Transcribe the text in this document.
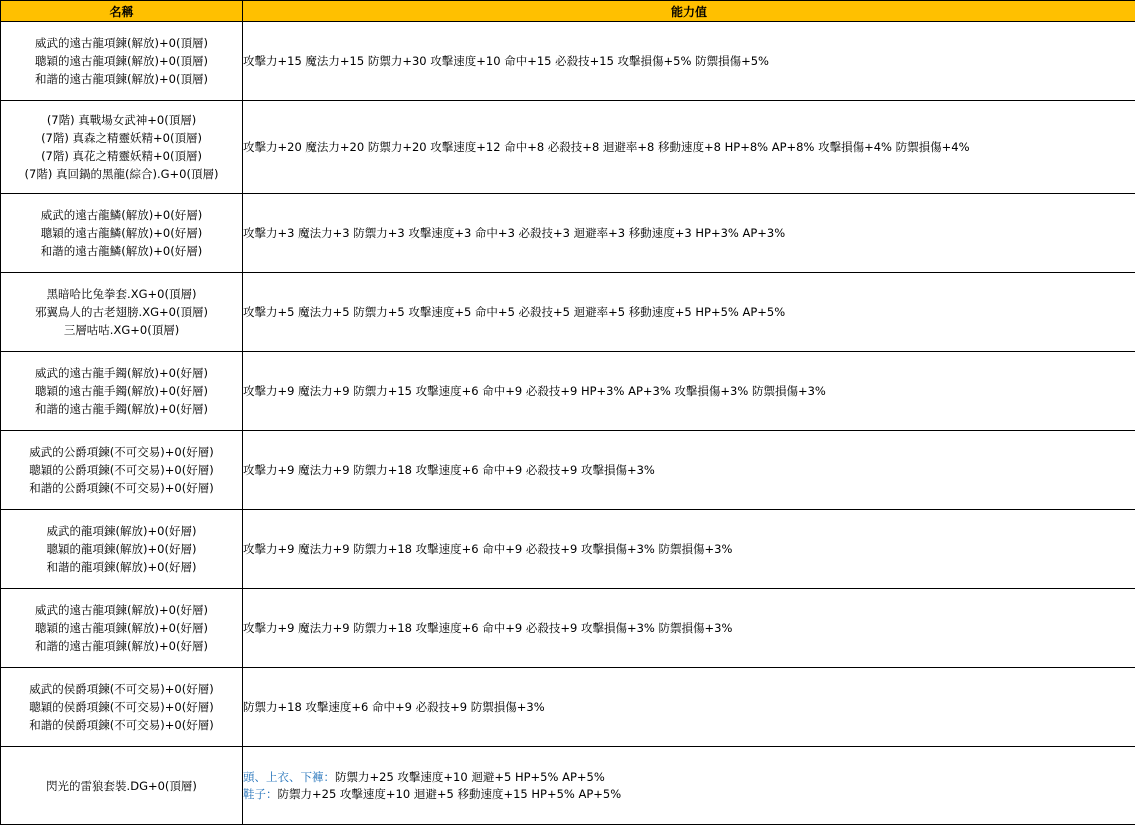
名稱	能力值

威武的遠古龍項鍊(解放)+0(頂層)
聰穎的遠古龍項鍊(解放)+0(頂層)
和諧的遠古龍項鍊(解放)+0(頂層)	攻擊力+15 魔法力+15 防禦力+30 攻擊速度+10 命中+15 必殺技+15 攻擊損傷+5% 防禦損傷+5%

(7階) 真戰場女武神+0(頂層)
(7階) 真森之精靈妖精+0(頂層)
(7階) 真花之精靈妖精+0(頂層)
(7階) 真回鍋的黑龍(綜合).G+0(頂層)	攻擊力+20 魔法力+20 防禦力+20 攻擊速度+12 命中+8 必殺技+8 迴避率+8 移動速度+8 HP+8% AP+8% 攻擊損傷+4% 防禦損傷+4%

威武的遠古龍鱗(解放)+0(好層)
聰穎的遠古龍鱗(解放)+0(好層)
和諧的遠古龍鱗(解放)+0(好層)	攻擊力+3 魔法力+3 防禦力+3 攻擊速度+3 命中+3 必殺技+3 迴避率+3 移動速度+3 HP+3% AP+3%

黑暗哈比兔拳套.XG+0(頂層)
邪翼鳥人的古老翅膀.XG+0(頂層)
三層咕咕.XG+0(頂層)	攻擊力+5 魔法力+5 防禦力+5 攻擊速度+5 命中+5 必殺技+5 迴避率+5 移動速度+5 HP+5% AP+5%

威武的遠古龍手鐲(解放)+0(好層)
聰穎的遠古龍手鐲(解放)+0(好層)
和諧的遠古龍手鐲(解放)+0(好層)	攻擊力+9 魔法力+9 防禦力+15 攻擊速度+6 命中+9 必殺技+9 HP+3% AP+3% 攻擊損傷+3% 防禦損傷+3%

威武的公爵項鍊(不可交易)+0(好層)
聰穎的公爵項鍊(不可交易)+0(好層)
和諧的公爵項鍊(不可交易)+0(好層)	攻擊力+9 魔法力+9 防禦力+18 攻擊速度+6 命中+9 必殺技+9 攻擊損傷+3%

威武的龍項鍊(解放)+0(好層)
聰穎的龍項鍊(解放)+0(好層)
和諧的龍項鍊(解放)+0(好層)	攻擊力+9 魔法力+9 防禦力+18 攻擊速度+6 命中+9 必殺技+9 攻擊損傷+3% 防禦損傷+3%

威武的遠古龍項鍊(解放)+0(好層)
聰穎的遠古龍項鍊(解放)+0(好層)
和諧的遠古龍項鍊(解放)+0(好層)	攻擊力+9 魔法力+9 防禦力+18 攻擊速度+6 命中+9 必殺技+9 攻擊損傷+3% 防禦損傷+3%

威武的侯爵項鍊(不可交易)+0(好層)
聰穎的侯爵項鍊(不可交易)+0(好層)
和諧的侯爵項鍊(不可交易)+0(好層)	防禦力+18 攻擊速度+6 命中+9 必殺技+9 防禦損傷+3%

閃光的雷狼套裝.DG+0(頂層)	頭、上衣、下褲：防禦力+25 攻擊速度+10 迴避+5 HP+5% AP+5%
鞋子：防禦力+25 攻擊速度+10 迴避+5 移動速度+15 HP+5% AP+5%
